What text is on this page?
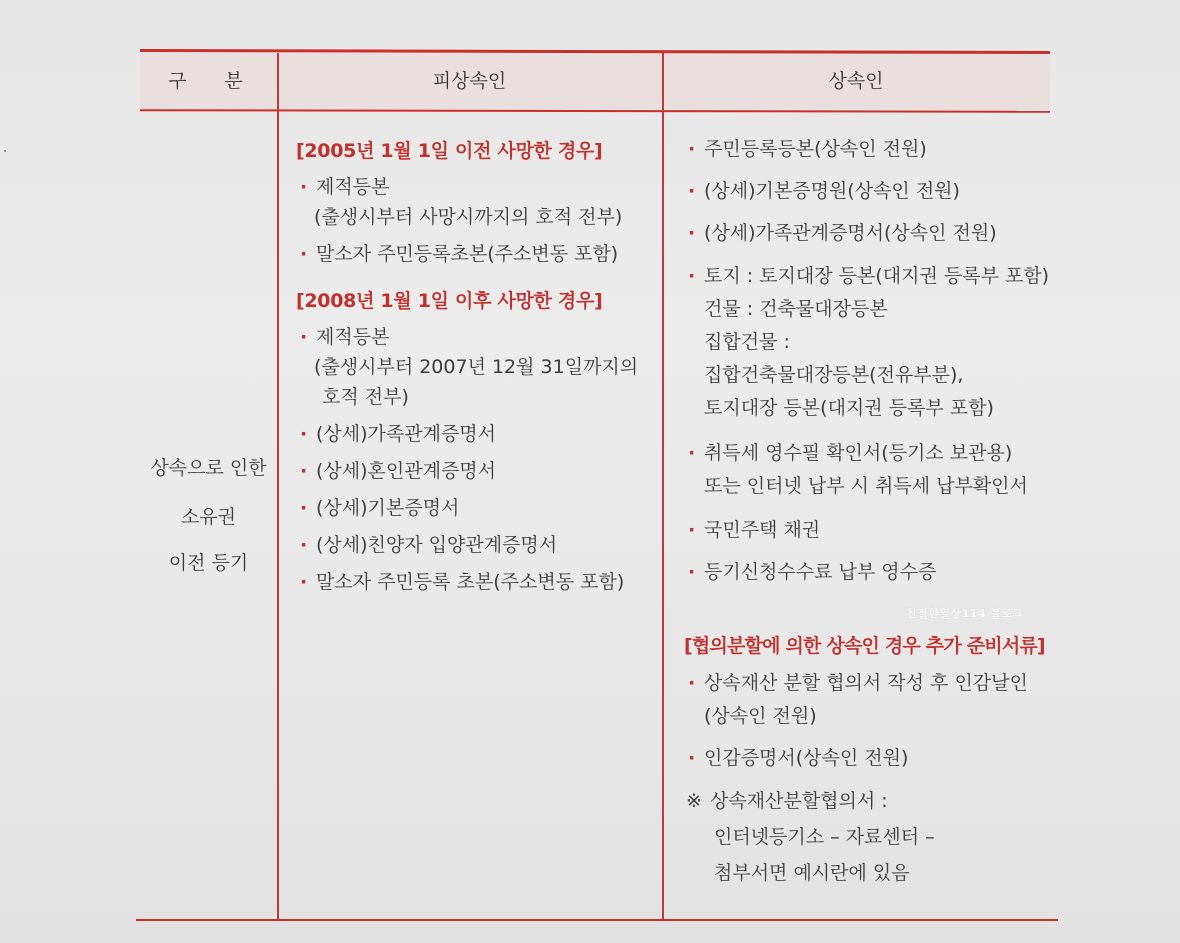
구 분	피상속인	상속인
상속으로 인한
소유권
이전 등기
[2005년 1월 1일 이전 사망한 경우]
· 제적등본
(출생시부터 사망시까지의 호적 전부)
· 말소자 주민등록초본(주소변동 포함)
[2008년 1월 1일 이후 사망한 경우]
· 제적등본
(출생시부터 2007년 12월 31일까지의
호적 전부)
· (상세)가족관계증명서
· (상세)혼인관계증명서
· (상세)기본증명서
· (상세)친양자 입양관계증명서
· 말소자 주민등록 초본(주소변동 포함)
· 주민등록등본(상속인 전원)
· (상세)기본증명원(상속인 전원)
· (상세)가족관계증명서(상속인 전원)
· 토지 : 토지대장 등본(대지권 등록부 포함)
건물 : 건축물대장등본
집합건물 :
집합건축물대장등본(전유부분),
토지대장 등본(대지권 등록부 포함)
· 취득세 영수필 확인서(등기소 보관용)
또는 인터넷 납부 시 취득세 납부확인서
· 국민주택 채권
· 등기신청수수료 납부 영수증
[협의분할에 의한 상속인 경우 추가 준비서류]
· 상속재산 분할 협의서 작성 후 인감날인
(상속인 전원)
· 인감증명서(상속인 전원)
※ 상속재산분할협의서 :
인터넷등기소 – 자료센터 –
첨부서면 예시란에 있음
친절한일상114 블로그
